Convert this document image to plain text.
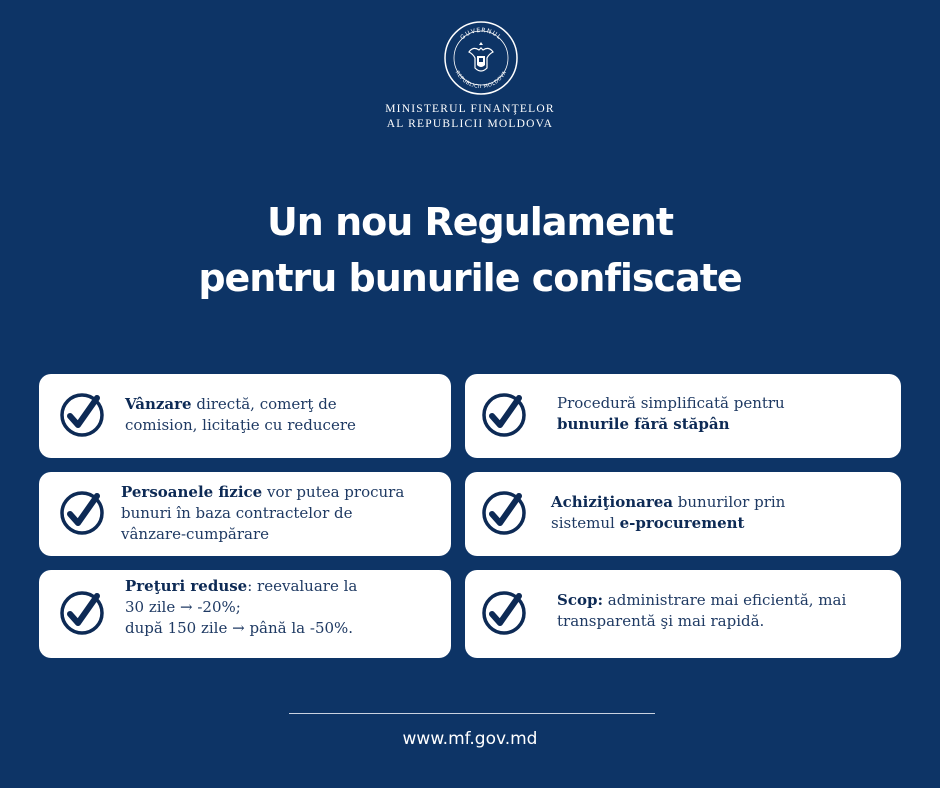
GUVERNUL
REPUBLICII MOLDOVA
MINISTERUL FINANŢELOR
AL REPUBLICII MOLDOVA
Un nou Regulament
pentru bunurile confiscate
Vânzare directă, comerţ de
comision, licitaţie cu reducere
Procedură simplificată pentru
bunurile fără stăpân
Persoanele fizice vor putea procura
bunuri în baza contractelor de
vânzare-cumpărare
Achiziţionarea bunurilor prin
sistemul e-procurement
Preţuri reduse: reevaluare la
30 zile → -20%;
după 150 zile → până la -50%.
Scop: administrare mai eficientă, mai
transparentă şi mai rapidă.
www.mf.gov.md
